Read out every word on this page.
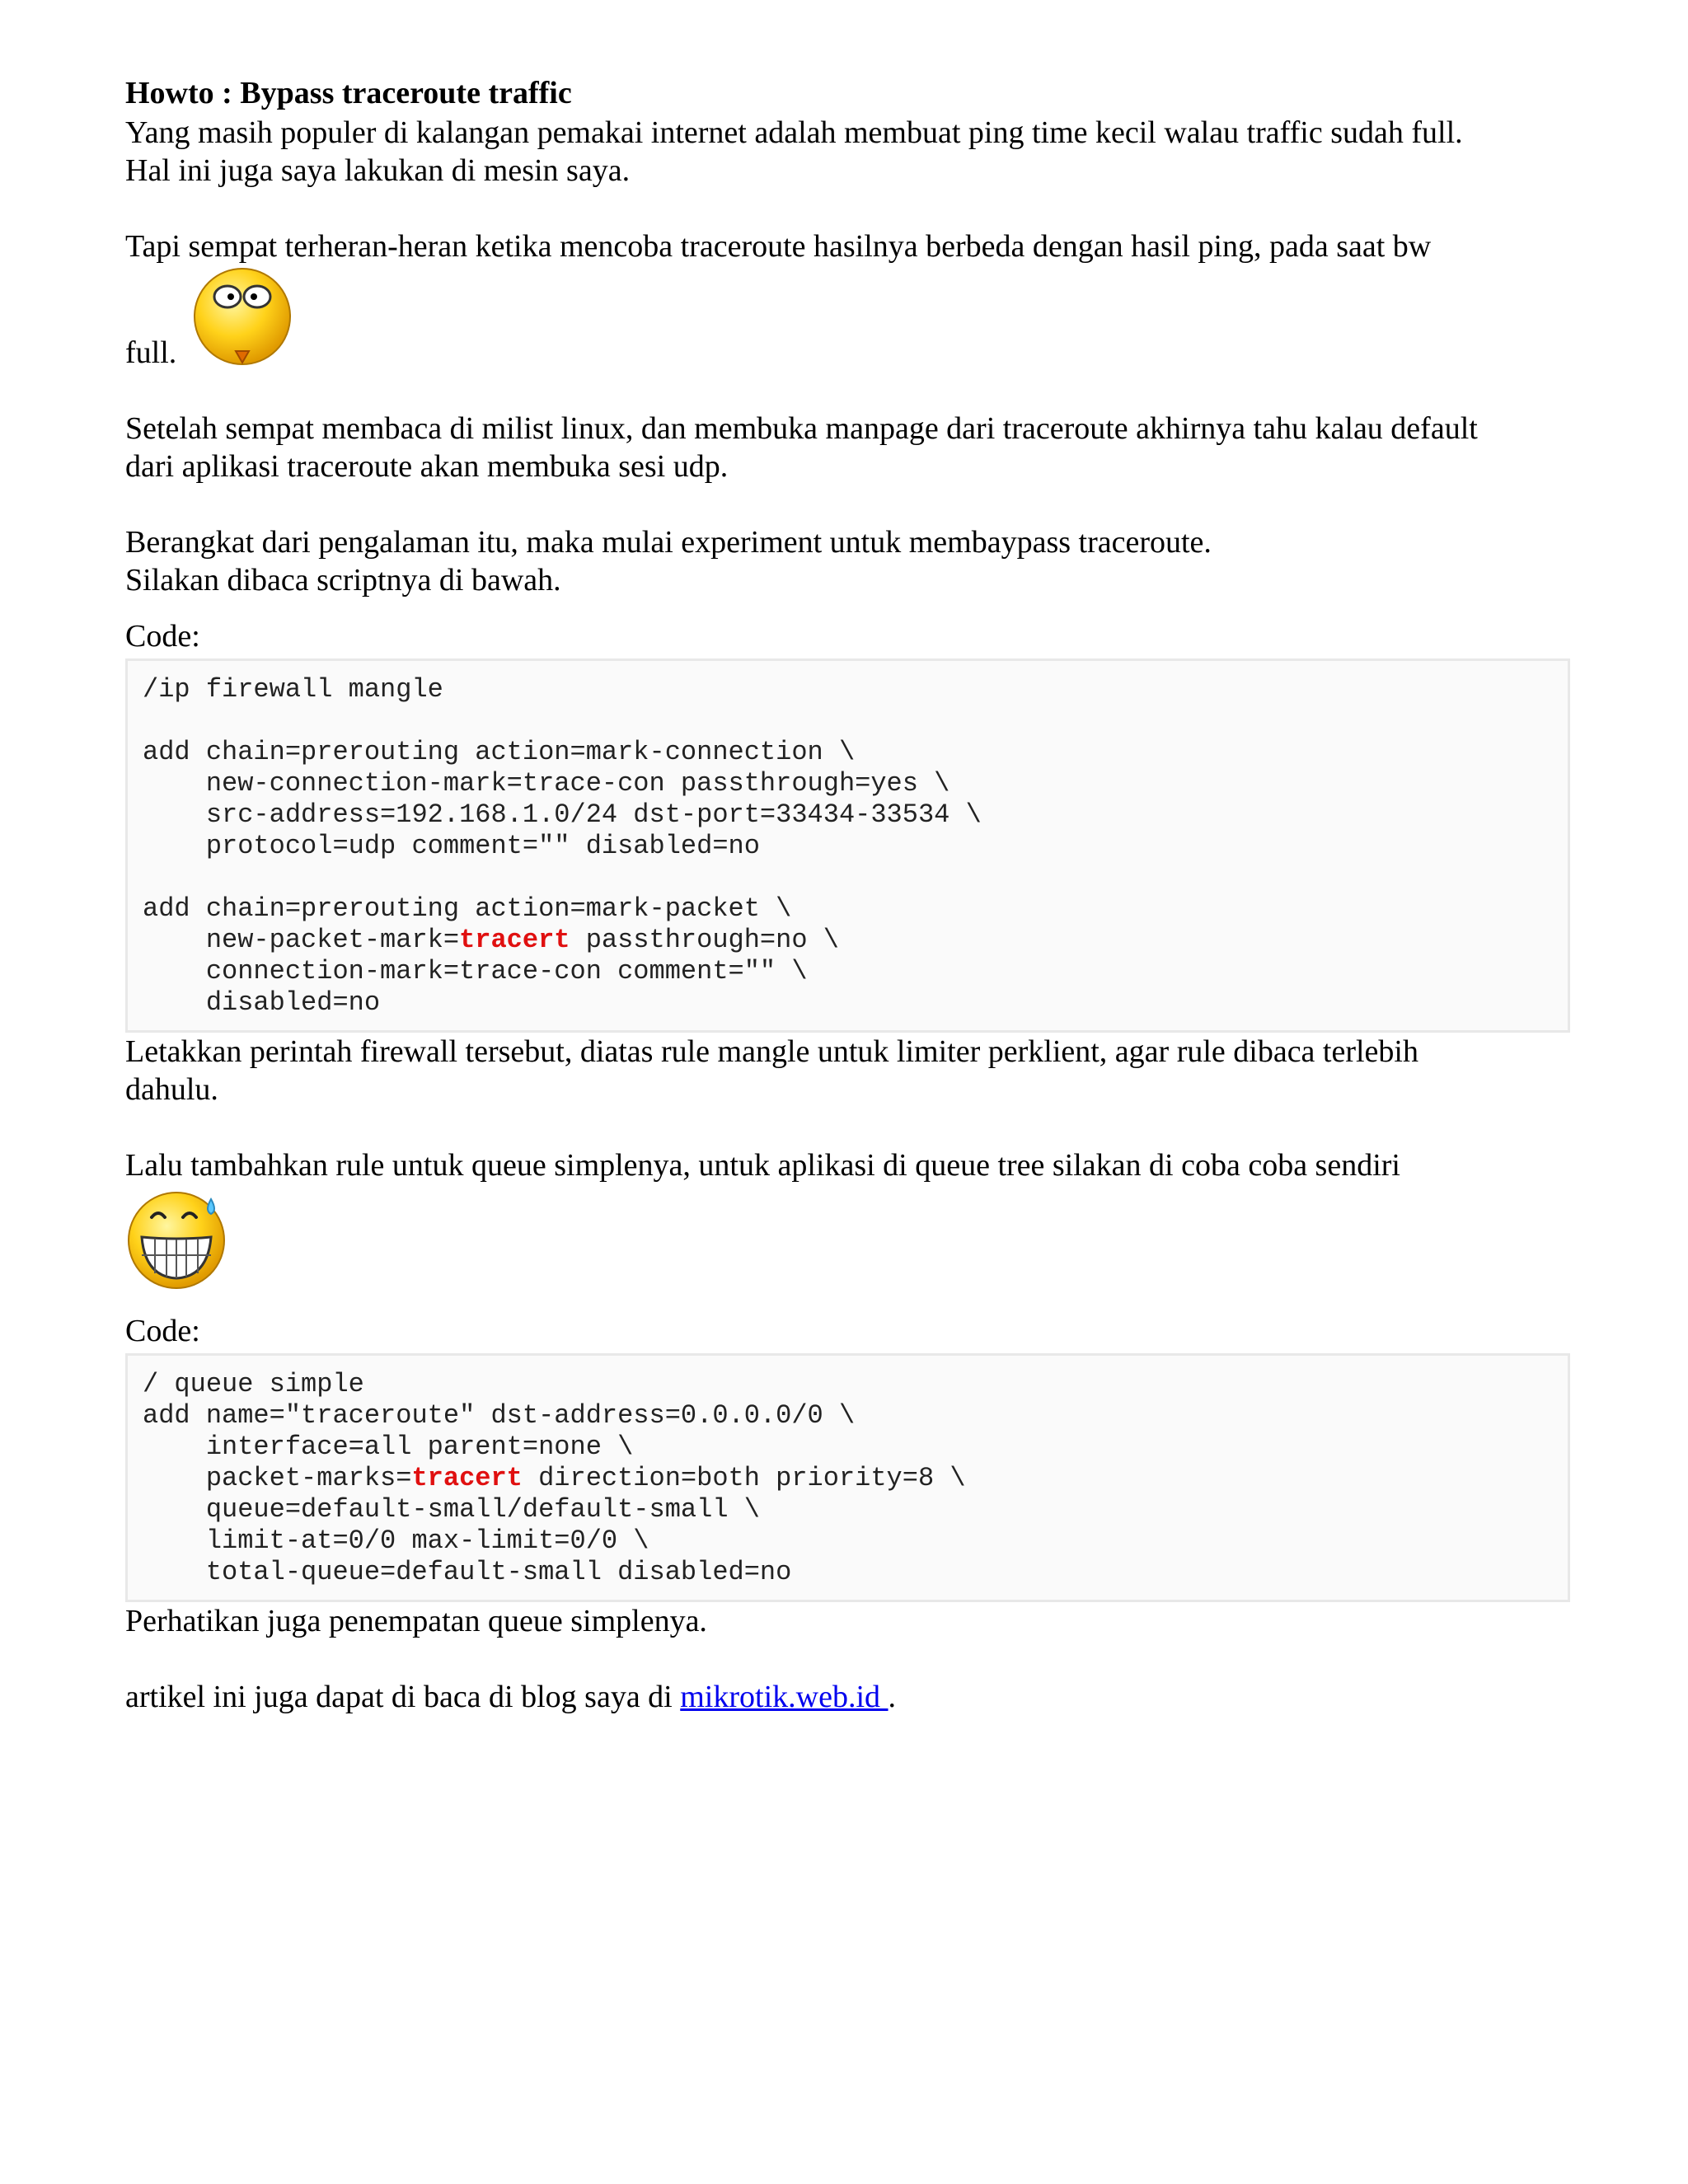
Howto : Bypass traceroute traffic

Yang masih populer di kalangan pemakai internet adalah membuat ping time kecil walau traffic sudah full.

Hal ini juga saya lakukan di mesin saya.

Tapi sempat terheran-heran ketika mencoba traceroute hasilnya berbeda dengan hasil ping, pada saat bw

full.

Setelah sempat membaca di milist linux, dan membuka manpage dari traceroute akhirnya tahu kalau default

dari aplikasi traceroute akan membuka sesi udp.

Berangkat dari pengalaman itu, maka mulai experiment untuk membaypass traceroute.

Silakan dibaca scriptnya di bawah.

Code:
/ip firewall mangle

add chain=prerouting action=mark-connection \
new-connection-mark=trace-con passthrough=yes \
src-address=192.168.1.0/24 dst-port=33434-33534 \
protocol=udp comment="" disabled=no

add chain=prerouting action=mark-packet \
new-packet-mark=tracert passthrough=no \
connection-mark=trace-con comment="" \
disabled=no

Letakkan perintah firewall tersebut, diatas rule mangle untuk limiter perklient, agar rule dibaca terlebih

dahulu.

Lalu tambahkan rule untuk queue simplenya, untuk aplikasi di queue tree silakan di coba coba sendiri

Code:
/ queue simple
add name="traceroute" dst-address=0.0.0.0/0 \
interface=all parent=none \
packet-marks=tracert direction=both priority=8 \
queue=default-small/default-small \
limit-at=0/0 max-limit=0/0 \
total-queue=default-small disabled=no

Perhatikan juga penempatan queue simplenya.

artikel ini juga dapat di baca di blog saya di mikrotik.web.id .
